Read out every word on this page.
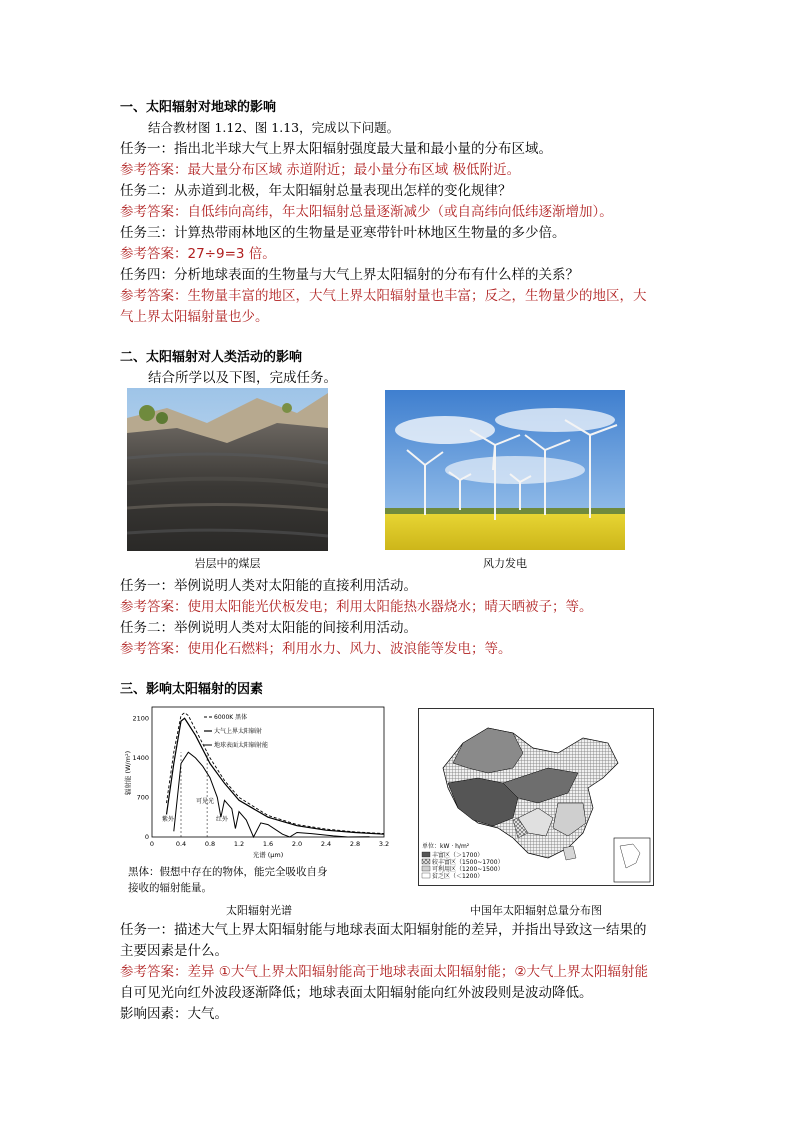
一、太阳辐射对地球的影响
结合教材图 1.12、图 1.13，完成以下问题。
任务一：指出北半球大气上界太阳辐射强度最大量和最小量的分布区域。
参考答案：最大量分布区域 赤道附近；最小量分布区域 极低附近。
任务二：从赤道到北极，年太阳辐射总量表现出怎样的变化规律？
参考答案：自低纬向高纬，年太阳辐射总量逐渐减少（或自高纬向低纬逐渐增加）。
任务三：计算热带雨林地区的生物量是亚寒带针叶林地区生物量的多少倍。
参考答案：27÷9=3 倍。
任务四：分析地球表面的生物量与大气上界太阳辐射的分布有什么样的关系？
参考答案：生物量丰富的地区，大气上界太阳辐射量也丰富；反之，生物量少的地区，大
气上界太阳辐射量也少。
二、太阳辐射对人类活动的影响
结合所学以及下图，完成任务。
岩层中的煤层	风力发电
任务一：举例说明人类对太阳能的直接利用活动。
参考答案：使用太阳能光伏板发电；利用太阳能热水器烧水；晴天晒被子；等。
任务二：举例说明人类对太阳能的间接利用活动。
参考答案：使用化石燃料；利用水力、风力、波浪能等发电；等。
三、影响太阳辐射的因素
0	0.4	0.8	1.2	1.6	2.0	2.4	2.8	3.2
0
700
1400
2100
光谱 (μm)
辐射能 (W/m²)
6000K 黑体
大气上界太阳辐射
地球表面太阳辐射能
可见光
红外
紫外
黑体：假想中存在的物体，能完全吸收自身
接收的辐射能量。
太阳辐射光谱
单位：kW · h/m²
丰富区（＞1700）
较丰富区（1500~1700）
可利用区（1200~1500）
贫乏区（＜1200）
中国年太阳辐射总量分布图
任务一：描述大气上界太阳辐射能与地球表面太阳辐射能的差异，并指出导致这一结果的
主要因素是什么。
参考答案：差异 ①大气上界太阳辐射能高于地球表面太阳辐射能；②大气上界太阳辐射能
自可见光向红外波段逐渐降低；地球表面太阳辐射能向红外波段则是波动降低。
影响因素：大气。
